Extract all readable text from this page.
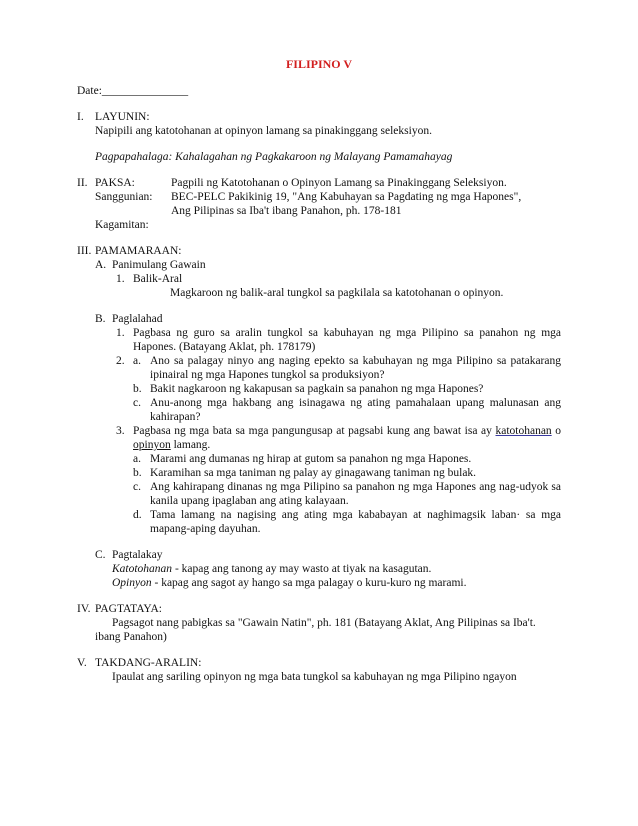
FILIPINO V
Date:_______________
I. LAYUNIN:
Napipili ang katotohanan at opinyon lamang sa pinakinggang seleksiyon.
Pagpapahalaga: Kahalagahan ng Pagkakaroon ng Malayang Pamamahayag
II. PAKSA:	Pagpili ng Katotohanan o Opinyon Lamang sa Pinakinggang Seleksiyon.
Sanggunian: BEC-PELC Pakikinig 19, "Ang Kabuhayan sa Pagdating ng mga Hapones",
Ang Pilipinas sa Iba't ibang Panahon, ph. 178-181
Kagamitan:
III. PAMAMARAAN:
A. Panimulang Gawain
1. Balik-Aral
Magkaroon ng balik-aral tungkol sa pagkilala sa katotohanan o opinyon.
B. Paglalahad
1. Pagbasa ng guro sa aralin tungkol sa kabuhayan ng mga Pilipino sa panahon ng mga
Hapones. (Batayang Aklat, ph. 178179)
2. a. Ano sa palagay ninyo ang naging epekto sa kabuhayan ng mga Pilipino sa patakarang
ipinairal ng mga Hapones tungkol sa produksiyon?
b. Bakit nagkaroon ng kakapusan sa pagkain sa panahon ng mga Hapones?
c. Anu-anong mga hakbang ang isinagawa ng ating pamahalaan upang malunasan ang
kahirapan?
3. Pagbasa ng mga bata sa mga pangungusap at pagsabi kung ang bawat isa ay katotohanan o
opinyon lamang.
a. Marami ang dumanas ng hirap at gutom sa panahon ng mga Hapones.
b. Karamihan sa mga taniman ng palay ay ginagawang taniman ng bulak.
c. Ang kahirapang dinanas ng mga Pilipino sa panahon ng mga Hapones ang nag-udyok sa
kanila upang ipaglaban ang ating kalayaan.
d. Tama lamang na nagising ang ating mga kababayan at naghimagsik laban· sa mga
mapang-aping dayuhan.
C. Pagtalakay
Katotohanan - kapag ang tanong ay may wasto at tiyak na kasagutan.
Opinyon - kapag ang sagot ay hango sa mga palagay o kuru-kuro ng marami.
IV. PAGTATAYA:
Pagsagot nang pabigkas sa "Gawain Natin", ph. 181 (Batayang Aklat, Ang Pilipinas sa Iba't.
ibang Panahon)
V. TAKDANG-ARALIN:
Ipaulat ang sariling opinyon ng mga bata tungkol sa kabuhayan ng mga Pilipino ngayon
